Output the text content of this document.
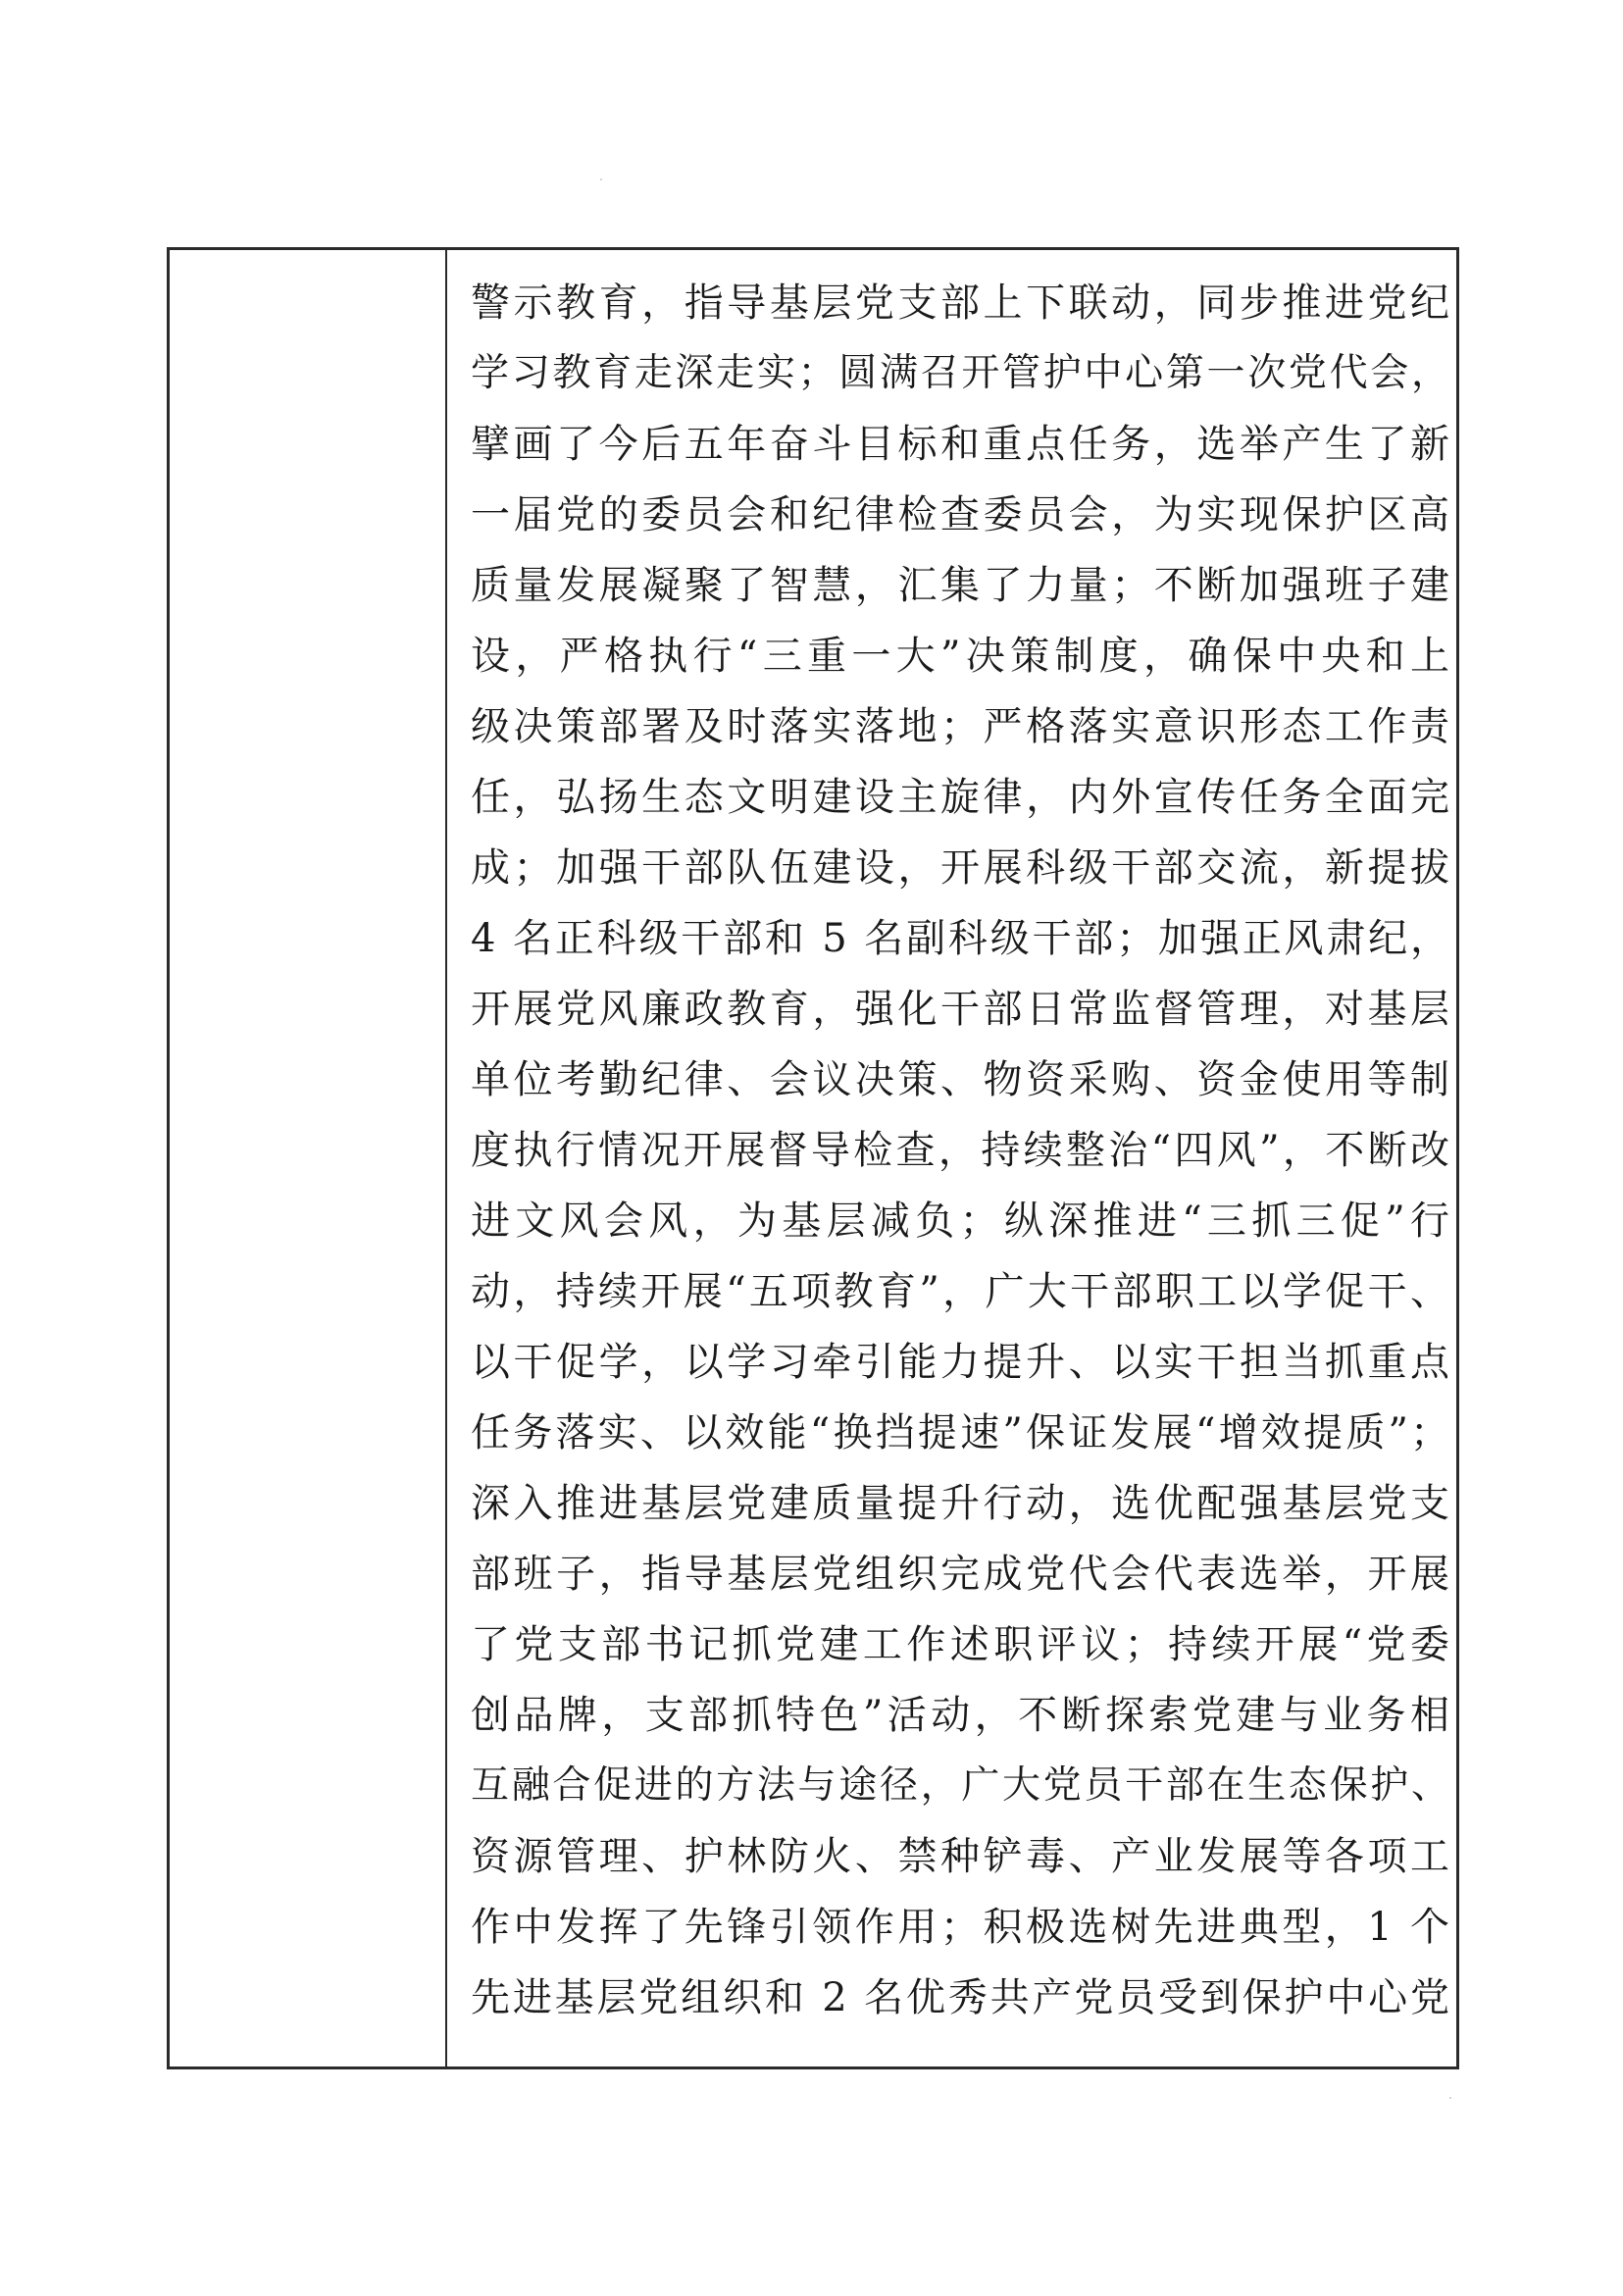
警示教育，指导基层党支部上下联动，同步推进党纪
学习教育走深走实；圆满召开管护中心第一次党代会，
擘画了今后五年奋斗目标和重点任务，选举产生了新
一届党的委员会和纪律检查委员会，为实现保护区高
质量发展凝聚了智慧，汇集了力量；不断加强班子建
设，严格执行“三重一大”决策制度，确保中央和上
级决策部署及时落实落地；严格落实意识形态工作责
任，弘扬生态文明建设主旋律，内外宣传任务全面完
成；加强干部队伍建设，开展科级干部交流，新提拔
4 名正科级干部和 5 名副科级干部；加强正风肃纪，
开展党风廉政教育，强化干部日常监督管理，对基层
单位考勤纪律、会议决策、物资采购、资金使用等制
度执行情况开展督导检查，持续整治“四风”，不断改
进文风会风，为基层减负；纵深推进“三抓三促”行
动，持续开展“五项教育”，广大干部职工以学促干、
以干促学，以学习牵引能力提升、以实干担当抓重点
任务落实、以效能“换挡提速”保证发展“增效提质”；
深入推进基层党建质量提升行动，选优配强基层党支
部班子，指导基层党组织完成党代会代表选举，开展
了党支部书记抓党建工作述职评议；持续开展“党委
创品牌，支部抓特色”活动，不断探索党建与业务相
互融合促进的方法与途径，广大党员干部在生态保护、
资源管理、护林防火、禁种铲毒、产业发展等各项工
作中发挥了先锋引领作用；积极选树先进典型，1 个
先进基层党组织和 2 名优秀共产党员受到保护中心党
